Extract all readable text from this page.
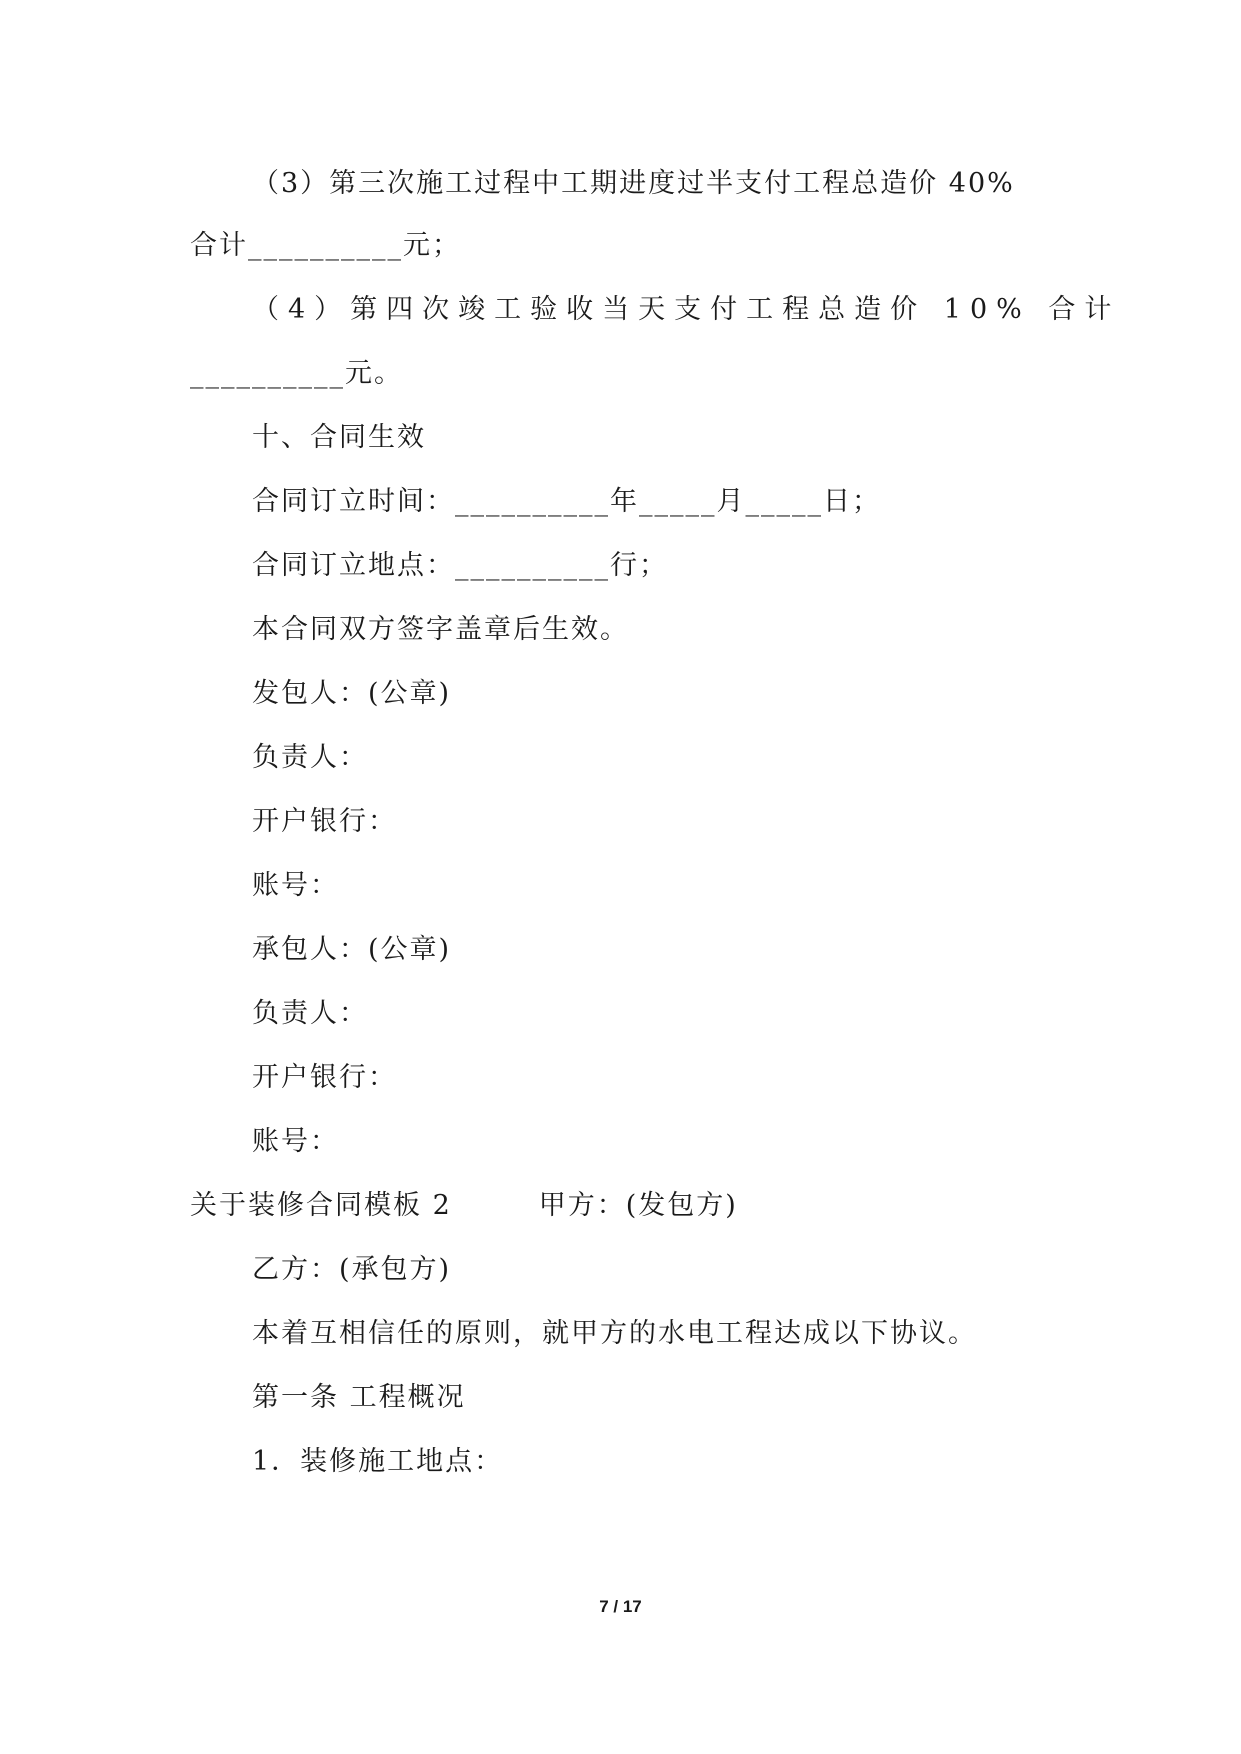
（3）第三次施工过程中工期进度过半支付工程总造价 40%
合计__________元；
（4）第四次竣工验收当天支付工程总造价 10% 合计
__________元。
十、合同生效
合同订立时间：__________年_____月_____日；
合同订立地点：__________行；
本合同双方签字盖章后生效。
发包人：(公章)
负责人：
开户银行：
账号：
承包人：(公章)
负责人：
开户银行：
账号：
关于装修合同模板 2　　　甲方：(发包方)
乙方：(承包方)
本着互相信任的原则，就甲方的水电工程达成以下协议。
第一条 工程概况
1．装修施工地点：
7 / 17
